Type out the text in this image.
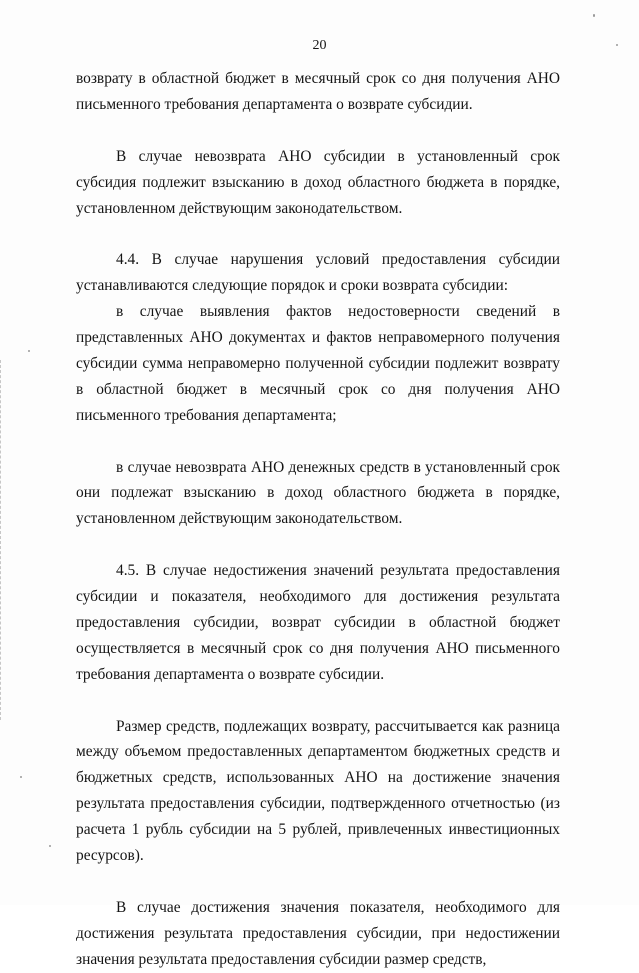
20

возврату в областной бюджет в месячный срок со дня получения АНО письменного требования департамента о возврате субсидии.

В случае невозврата АНО субсидии в установленный срок субсидия подлежит взысканию в доход областного бюджета в порядке, установленном действующим законодательством.

4.4. В случае нарушения условий предоставления субсидии устанавливаются следующие порядок и сроки возврата субсидии:

в случае выявления фактов недостоверности сведений в представленных АНО документах и фактов неправомерного получения субсидии сумма неправомерно полученной субсидии подлежит возврату в областной бюджет в месячный срок со дня получения АНО письменного требования департамента;

в случае невозврата АНО денежных средств в установленный срок они подлежат взысканию в доход областного бюджета в порядке, установленном действующим законодательством.

4.5. В случае недостижения значений результата предоставления субсидии и показателя, необходимого для достижения результата предоставления субсидии, возврат субсидии в областной бюджет осуществляется в месячный срок со дня получения АНО письменного требования департамента о возврате субсидии.

Размер средств, подлежащих возврату, рассчитывается как разница между объемом предоставленных департаментом бюджетных средств и бюджетных средств, использованных АНО на достижение значения результата предоставления субсидии, подтвержденного отчетностью (из расчета 1 рубль субсидии на 5 рублей, привлеченных инвестиционных ресурсов).

В случае достижения значения показателя, необходимого для достижения результата предоставления субсидии, при недостижении значения результата предоставления субсидии размер средств,
